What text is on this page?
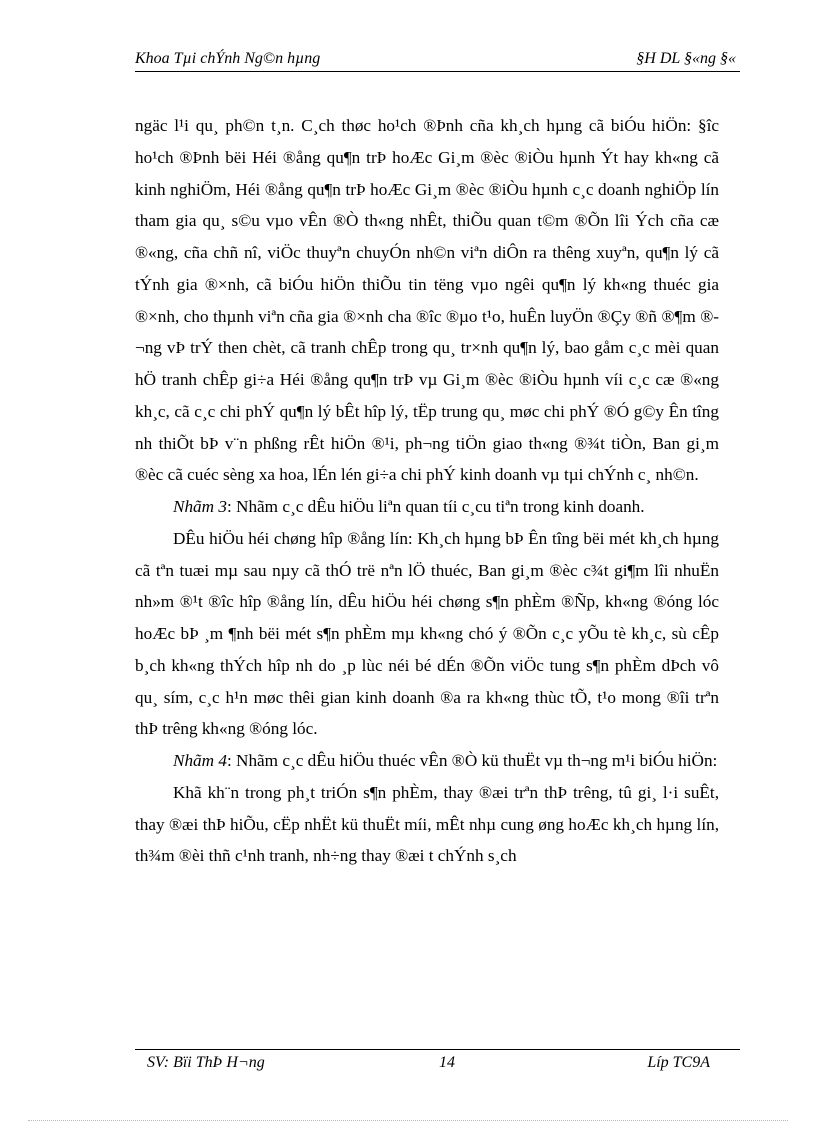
Khoa Tµi chÝnh Ng©n hµng	§H DL §«ng §«

ngäc l¹i qu¸ ph©n t¸n. C¸ch thøc ho¹ch ®Þnh cña kh¸ch hµng cã biÓu hiÖn: §îc ho¹ch ®Þnh bëi Héi ®ång qu¶n trÞ hoÆc Gi¸m ®èc ®iÒu hµnh Ýt hay kh«ng cã kinh nghiÖm, Héi ®ång qu¶n trÞ hoÆc Gi¸m ®èc ®iÒu hµnh c¸c doanh nghiÖp lín tham gia qu¸ s©u vµo vÊn ®Ò th«ng nhÊt, thiÕu quan t©m ®Õn lîi Ých cña cæ ®«ng, cña chñ nî, viÖc thuyªn chuyÓn nh©n viªn diÔn ra thêng xuyªn, qu¶n lý cã tÝnh gia ®×nh, cã biÓu hiÖn thiÕu tin tëng vµo ngêi qu¶n lý kh«ng thuéc gia ®×nh, cho thµnh viªn cña gia ®×nh cha ®îc ®µo t¹o, huÊn luyÖn ®Çy ®ñ ®¶m ®¬ng vÞ trÝ then chèt, cã tranh chÊp trong qu¸ tr×nh qu¶n lý, bao gåm c¸c mèi quan hÖ tranh chÊp gi÷a Héi ®ång qu¶n trÞ vµ Gi¸m ®èc ®iÒu hµnh víi c¸c cæ ®«ng kh¸c, cã c¸c chi phÝ qu¶n lý bÊt hîp lý, tËp trung qu¸ møc chi phÝ ®Ó g©y Ên tîng nh thiÕt bÞ v¨n phßng rÊt hiÖn ®¹i, ph¬ng tiÖn giao th«ng ®¾t tiÒn, Ban gi¸m ®èc cã cuéc sèng xa hoa, lÉn lén gi÷a chi phÝ kinh doanh vµ tµi chÝnh c¸ nh©n.

Nhãm 3: Nhãm c¸c dÊu hiÖu liªn quan tíi c¸cu tiªn trong kinh doanh.

DÊu hiÖu héi chøng hîp ®ång lín: Kh¸ch hµng bÞ Ên tîng bëi mét kh¸ch hµng cã tªn tuæi mµ sau nµy cã thÓ trë nªn lÖ thuéc, Ban gi¸m ®èc c¾t gi¶m lîi nhuËn nh»m ®¹t ®îc hîp ®ång lín, dÊu hiÖu héi chøng s¶n phÈm ®Ñp, kh«ng ®óng lóc hoÆc bÞ ¸m ¶nh bëi mét s¶n phÈm mµ kh«ng chó ý ®Õn c¸c yÕu tè kh¸c, sù cÊp b¸ch kh«ng thÝch hîp nh do ¸p lùc néi bé dÉn ®Õn viÖc tung s¶n phÈm dÞch vô qu¸ sím, c¸c h¹n møc thêi gian kinh doanh ®a ra kh«ng thùc tÕ, t¹o mong ®îi trªn thÞ trêng kh«ng ®óng lóc.

Nhãm 4: Nhãm c¸c dÊu hiÖu thuéc vÊn ®Ò kü thuËt vµ th¬ng m¹i biÓu hiÖn:

Khã kh¨n trong ph¸t triÓn s¶n phÈm, thay ®æi trªn thÞ trêng, tû gi¸ l·i suÊt, thay ®æi thÞ hiÕu, cËp nhËt kü thuËt míi, mÊt nhµ cung øng hoÆc kh¸ch hµng lín, th¾m ®èi thñ c¹nh tranh, nh÷ng thay ®æi t chÝnh s¸ch

SV: Bïi ThÞ H¬ng	14	Líp TC9A
